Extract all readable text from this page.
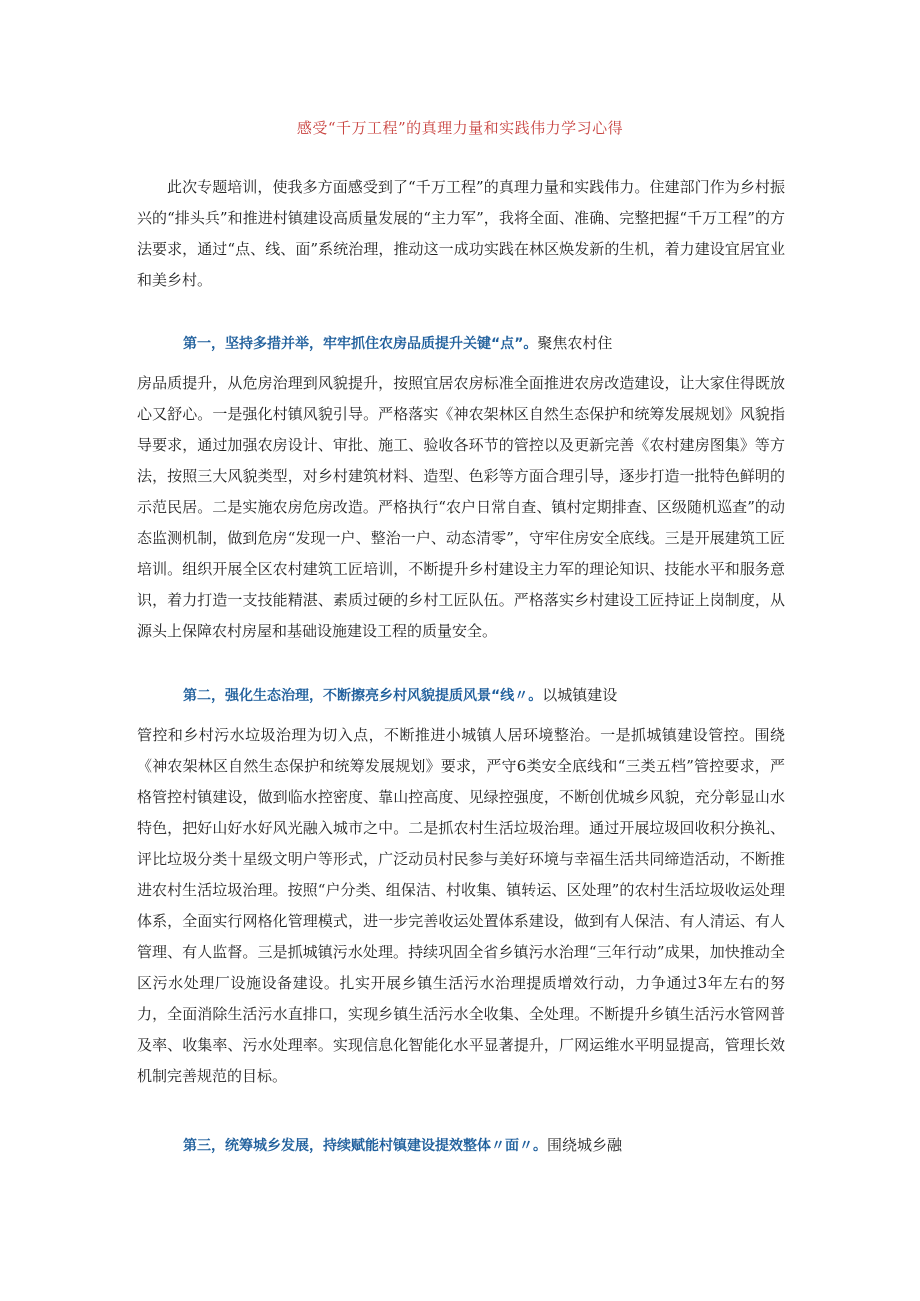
感受“千万工程”的真理力量和实践伟力学习心得

此次专题培训，使我多方面感受到了“千万工程”的真理力量和实践伟力。住建部门作为乡村振兴的“排头兵”和推进村镇建设高质量发展的“主力军”，我将全面、准确、完整把握“千万工程”的方法要求，通过“点、线、面”系统治理，推动这一成功实践在林区焕发新的生机，着力建设宜居宜业和美乡村。

第一，坚持多措并举，牢牢抓住农房品质提升关键“点”。聚焦农村住

房品质提升，从危房治理到风貌提升，按照宜居农房标准全面推进农房改造建设，让大家住得既放心又舒心。一是强化村镇风貌引导。严格落实《神农架林区自然生态保护和统筹发展规划》风貌指导要求，通过加强农房设计、审批、施工、验收各环节的管控以及更新完善《农村建房图集》等方法，按照三大风貌类型，对乡村建筑材料、造型、色彩等方面合理引导，逐步打造一批特色鲜明的示范民居。二是实施农房危房改造。严格执行“农户日常自查、镇村定期排查、区级随机巡查”的动态监测机制，做到危房“发现一户、整治一户、动态清零”，守牢住房安全底线。三是开展建筑工匠培训。组织开展全区农村建筑工匠培训，不断提升乡村建设主力军的理论知识、技能水平和服务意识，着力打造一支技能精湛、素质过硬的乡村工匠队伍。严格落实乡村建设工匠持证上岗制度，从源头上保障农村房屋和基础设施建设工程的质量安全。

第二，强化生态治理，不断擦亮乡村风貌提质风景“线〃。以城镇建设

管控和乡村污水垃圾治理为切入点，不断推进小城镇人居环境整治。一是抓城镇建设管控。围绕《神农架林区自然生态保护和统筹发展规划》要求，严守6类安全底线和“三类五档”管控要求，严格管控村镇建设，做到临水控密度、靠山控高度、见绿控强度，不断创优城乡风貌，充分彰显山水特色，把好山好水好风光融入城市之中。二是抓农村生活垃圾治理。通过开展垃圾回收积分换礼、评比垃圾分类十星级文明户等形式，广泛动员村民参与美好环境与幸福生活共同缔造活动，不断推进农村生活垃圾治理。按照“户分类、组保洁、村收集、镇转运、区处理”的农村生活垃圾收运处理体系，全面实行网格化管理模式，进一步完善收运处置体系建设，做到有人保洁、有人清运、有人管理、有人监督。三是抓城镇污水处理。持续巩固全省乡镇污水治理“三年行动”成果，加快推动全区污水处理厂设施设备建设。扎实开展乡镇生活污水治理提质增效行动，力争通过3年左右的努力，全面消除生活污水直排口，实现乡镇生活污水全收集、全处理。不断提升乡镇生活污水管网普及率、收集率、污水处理率。实现信息化智能化水平显著提升，厂网运维水平明显提高，管理长效机制完善规范的目标。

第三，统筹城乡发展，持续赋能村镇建设提效整体〃面〃。围绕城乡融
